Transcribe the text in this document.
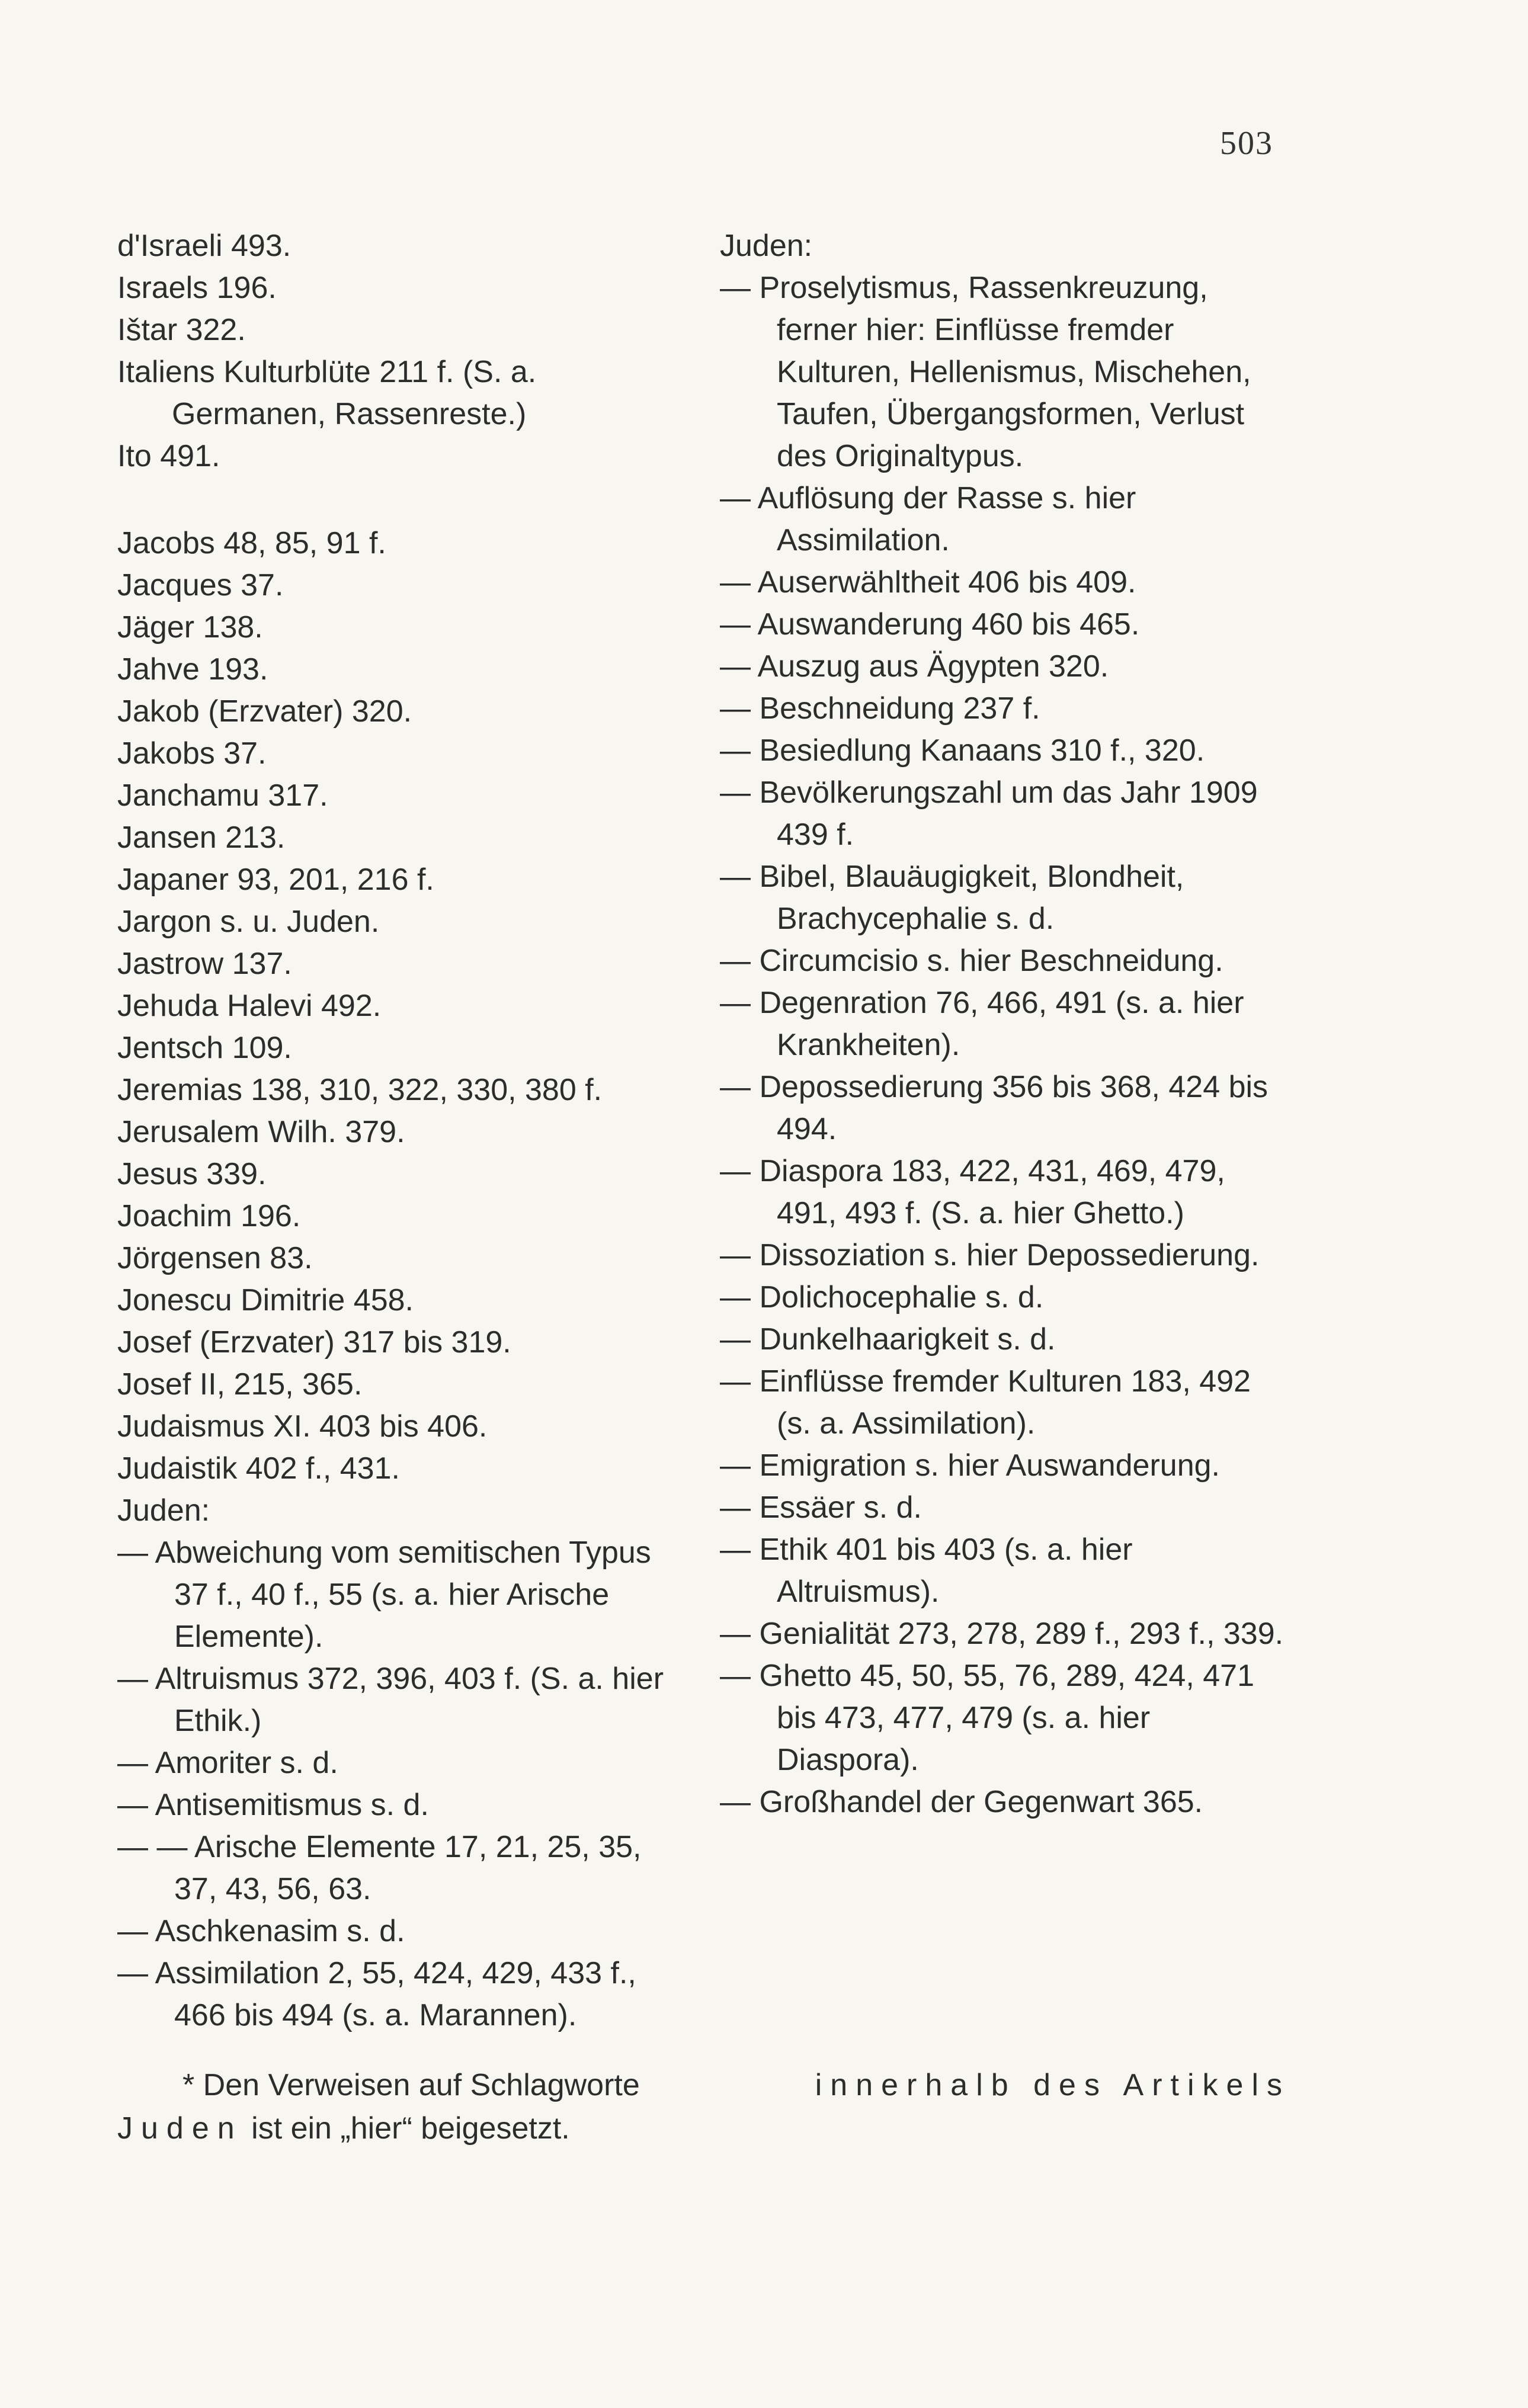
503
d'Israeli 493.
Israels 196.
Ištar 322.
Italiens Kulturblüte 211 f. (S. a. Germanen, Rassenreste.)
Ito 491.
Jacobs 48, 85, 91 f.
Jacques 37.
Jäger 138.
Jahve 193.
Jakob (Erzvater) 320.
Jakobs 37.
Janchamu 317.
Jansen 213.
Japaner 93, 201, 216 f.
Jargon s. u. Juden.
Jastrow 137.
Jehuda Halevi 492.
Jentsch 109.
Jeremias 138, 310, 322, 330, 380 f.
Jerusalem Wilh. 379.
Jesus 339.
Joachim 196.
Jörgensen 83.
Jonescu Dimitrie 458.
Josef (Erzvater) 317 bis 319.
Josef II, 215, 365.
Judaismus XI. 403 bis 406.
Judaistik 402 f., 431.
Juden:
— Abweichung vom semitischen Typus 37 f., 40 f., 55 (s. a. hier Arische Elemente).
— Altruismus 372, 396, 403 f. (S. a. hier Ethik.)
— Amoriter s. d.
— Antisemitismus s. d.
— — Arische Elemente 17, 21, 25, 35, 37, 43, 56, 63.
— Aschkenasim s. d.
— Assimilation 2, 55, 424, 429, 433 f., 466 bis 494 (s. a. Marannen).
Juden:
— Proselytismus, Rassenkreuzung, ferner hier: Einflüsse fremder Kulturen, Hellenismus, Mischehen, Taufen, Übergangsformen, Verlust des Originaltypus.
— Auflösung der Rasse s. hier Assimilation.
— Auserwähltheit 406 bis 409.
— Auswanderung 460 bis 465.
— Auszug aus Ägypten 320.
— Beschneidung 237 f.
— Besiedlung Kanaans 310 f., 320.
— Bevölkerungszahl um das Jahr 1909 439 f.
— Bibel, Blauäugigkeit, Blondheit, Brachycephalie s. d.
— Circumcisio s. hier Beschneidung.
— Degenration 76, 466, 491 (s. a. hier Krankheiten).
— Depossedierung 356 bis 368, 424 bis 494.
— Diaspora 183, 422, 431, 469, 479, 491, 493 f. (S. a. hier Ghetto.)
— Dissoziation s. hier Depossedierung.
— Dolichocephalie s. d.
— Dunkelhaarigkeit s. d.
— Einflüsse fremder Kulturen 183, 492 (s. a. Assimilation).
— Emigration s. hier Auswanderung.
— Essäer s. d.
— Ethik 401 bis 403 (s. a. hier Altruismus).
— Genialität 273, 278, 289 f., 293 f., 339.
— Ghetto 45, 50, 55, 76, 289, 424, 471 bis 473, 477, 479 (s. a. hier Diaspora).
— Großhandel der Gegenwart 365.
* Den Verweisen auf Schlagworte	innerhalb des Artikels
Juden ist ein „hier“ beigesetzt.
